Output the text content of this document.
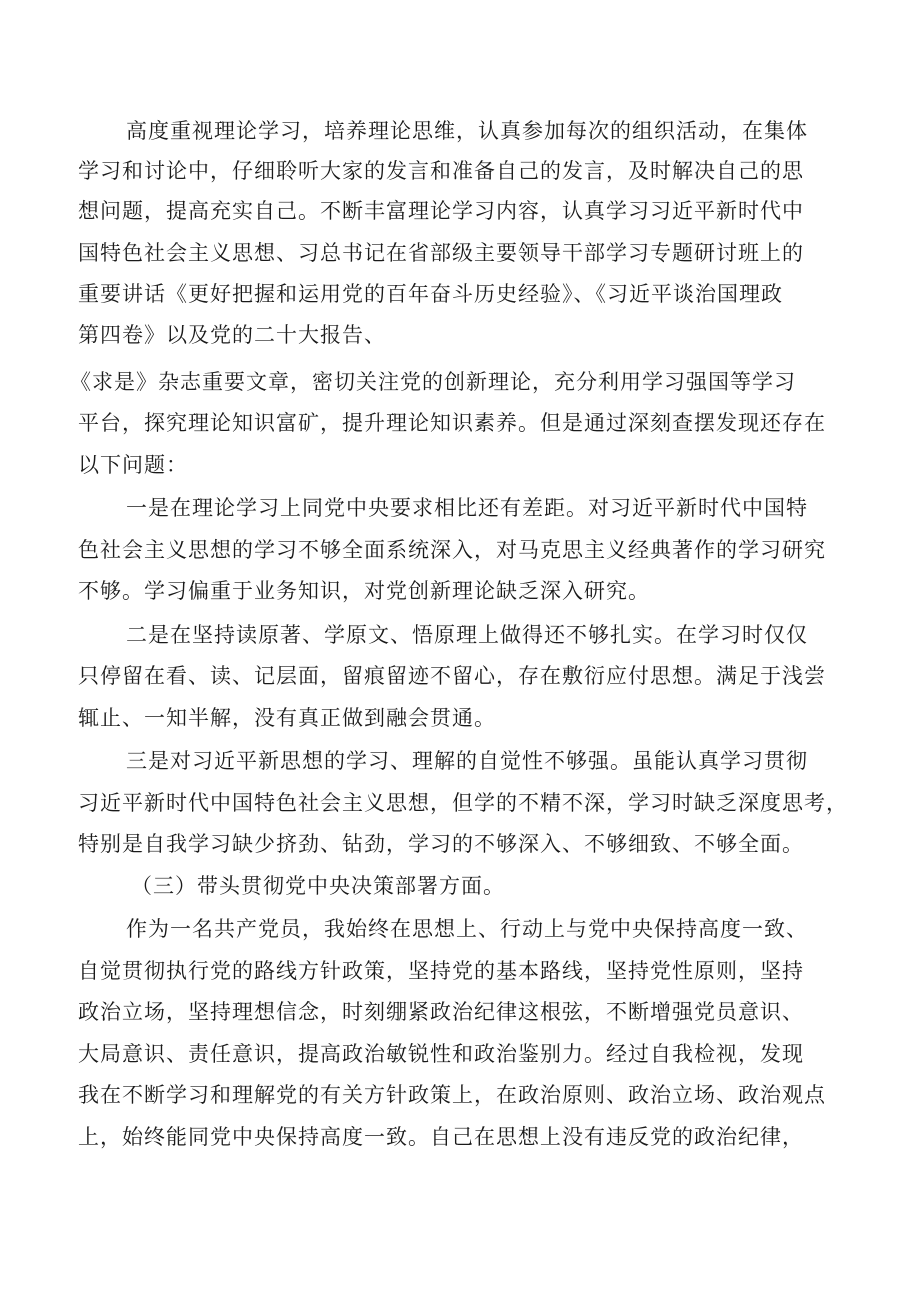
高度重视理论学习，培养理论思维，认真参加每次的组织活动，在集体

学习和讨论中，仔细聆听大家的发言和准备自己的发言，及时解决自己的思

想问题，提高充实自己。不断丰富理论学习内容，认真学习习近平新时代中

国特色社会主义思想、习总书记在省部级主要领导干部学习专题研讨班上的

重要讲话《更好把握和运用党的百年奋斗历史经验》、《习近平谈治国理政

第四卷》以及党的二十大报告、

《求是》杂志重要文章，密切关注党的创新理论，充分利用学习强国等学习

平台，探究理论知识富矿，提升理论知识素养。但是通过深刻查摆发现还存在

以下问题：

一是在理论学习上同党中央要求相比还有差距。对习近平新时代中国特

色社会主义思想的学习不够全面系统深入，对马克思主义经典著作的学习研究

不够。学习偏重于业务知识，对党创新理论缺乏深入研究。

二是在坚持读原著、学原文、悟原理上做得还不够扎实。在学习时仅仅

只停留在看、读、记层面，留痕留迹不留心，存在敷衍应付思想。满足于浅尝

辄止、一知半解，没有真正做到融会贯通。

三是对习近平新思想的学习、理解的自觉性不够强。虽能认真学习贯彻

习近平新时代中国特色社会主义思想，但学的不精不深，学习时缺乏深度思考，

特别是自我学习缺少挤劲、钻劲，学习的不够深入、不够细致、不够全面。

（三）带头贯彻党中央决策部署方面。

作为一名共产党员，我始终在思想上、行动上与党中央保持高度一致、

自觉贯彻执行党的路线方针政策，坚持党的基本路线，坚持党性原则，坚持

政治立场，坚持理想信念，时刻绷紧政治纪律这根弦，不断增强党员意识、

大局意识、责任意识，提高政治敏锐性和政治鉴别力。经过自我检视，发现

我在不断学习和理解党的有关方针政策上，在政治原则、政治立场、政治观点

上，始终能同党中央保持高度一致。自己在思想上没有违反党的政治纪律，
